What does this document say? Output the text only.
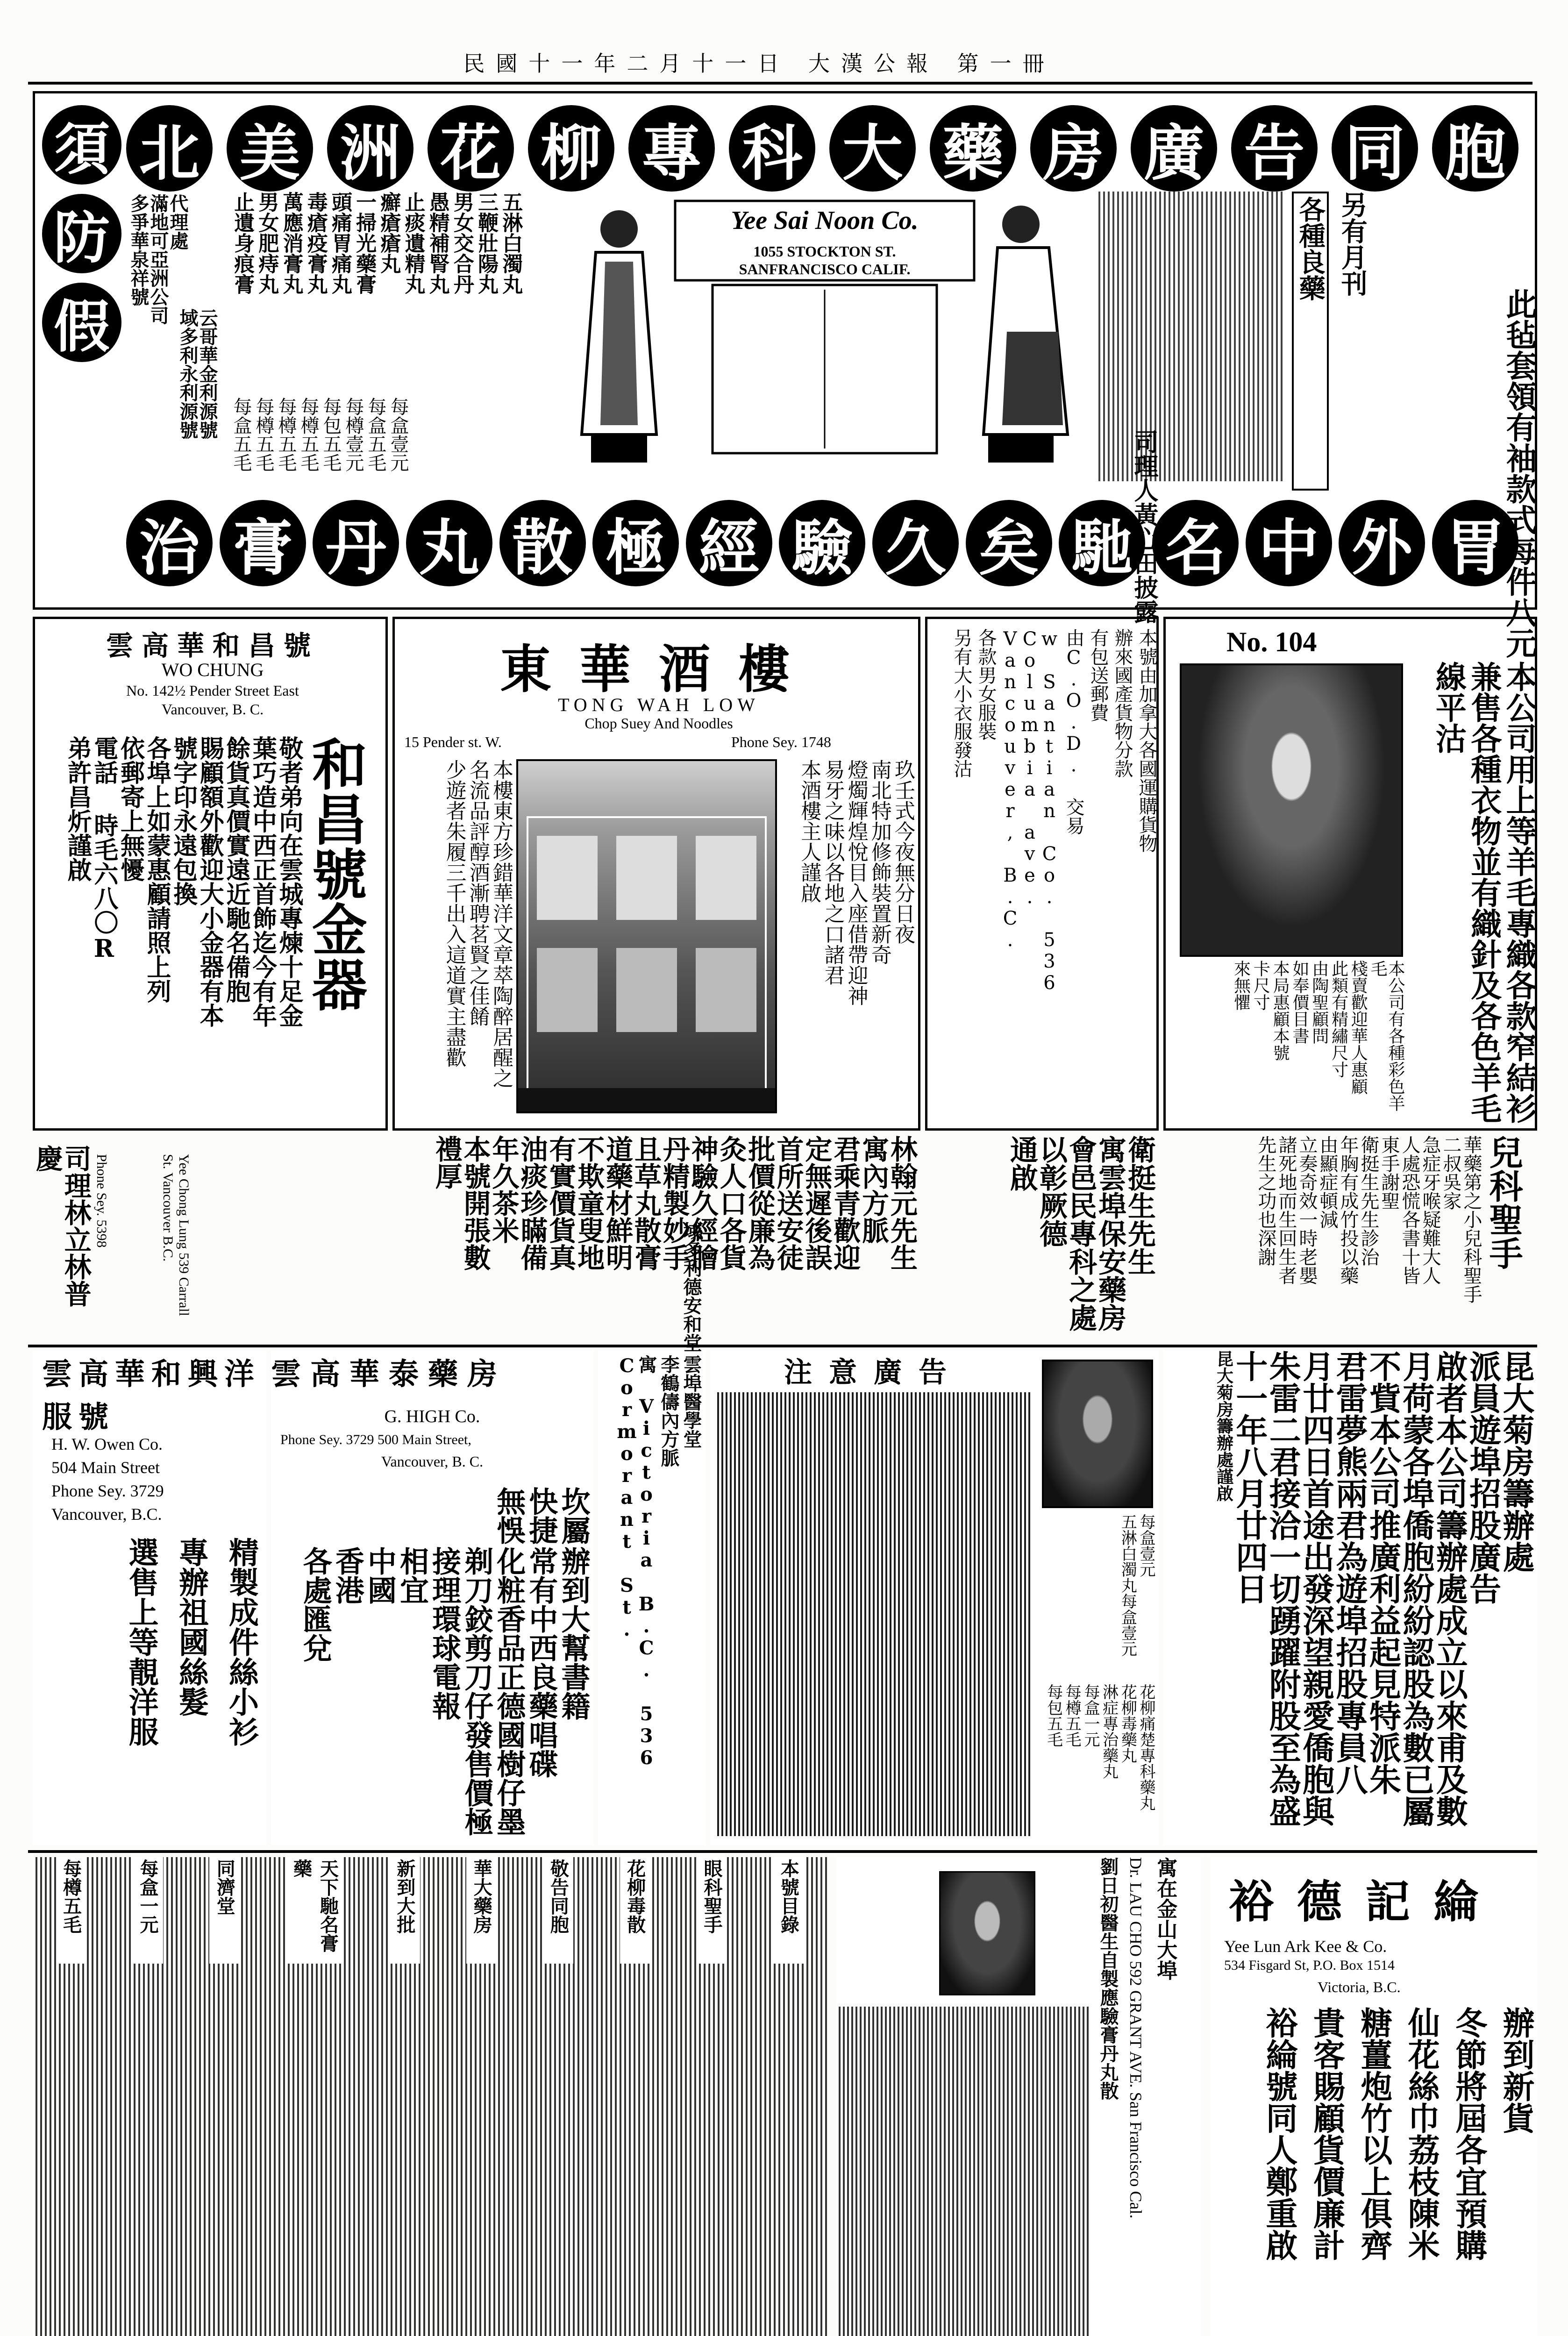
民國十一年二月十一日 大漢公報 第一冊
北 美 洲 花 柳 專 科 大 藥 房 廣 告 同 胞
治 膏 丹 丸 散 極 經 驗 久 矣 馳 名 中 外 胃
須
防
假
代理處
滿地可亞洲公司
多爭華泉祥號
云哥華金利源號
域多利永利源號
五淋白濁丸
三鞭壯陽丸
男女交合丹
愚精補腎丸
止痰遺精丸
癬瘡瘡丸
一掃光藥膏
頭痛胃痛丸
毒瘡疫膏丸
萬應消膏丸
男女肥痔丸
止遺身痕膏
每盒壹元
每盒五毛
每樽壹元
每包五毛
每樽五毛
每樽五毛
每樽五毛
每盒五毛
Yee Sai Noon Co.
1055 STOCKTON ST.
SANFRANCISCO CALIF.	各種良藥 另有月刊
雲高華和昌號
WO CHUNG
No. 142½ Pender Street East
Vancouver, B. C.
和昌號金器
敬者弟向在雲城專煉十足金
葉巧造中西正首飾迄今有年
餘貨真價實遠近馳名備胞
賜顧額外歡迎大小金器有本
號字印永遠包換
各埠上如蒙惠顧請照上列
依郵寄上無懮
電話 時毛六八〇R
弟許昌炘謹啟
東華酒樓
TONG WAH LOW
Chop Suey And Noodles
15 Pender st. W.	Phone Sey. 1748
本樓東方珍錯華洋文章萃陶醉居醒之
名流品評醇酒漸聘茗賢之佳餚
少遊者朱履三千出入這道實主盡歡	玖壬式今夜無分日夜
南北特加修飾裝置新奇
燈燭輝煌悅目入座借帶迎神
易牙之味以各地之口諸君
本酒樓主人謹啟	本號由加拿大各國運購貨物
辦來國產貨物分款
有包送郵費
由C.O.D. 交易
w Santian Co. 536 Columbia ave. Vancouver, B.C.
各款男女服裝
另有大小衣服發沽
司理人黃心田披露
No. 104
本公司用上等羊毛專織各款窄結衫
兼售各種衣物並有織針及各色羊毛
線平沽
此毡套領有袖款式每件八元
本公司有各種彩色羊毛
棧賣歡迎華人惠顧
此類有精繡尺寸
由陶聖顧問
如奉價目書
本局惠顧本號
卡尺寸
來無懼
林翰元先生
寓內方脈
君乘青歡迎
定無遲後誤
首所送安徒
批價從廉為
灸人口各貨
神驗久經膾
丹精製妙手
且草丸散膏
道藥材鮮明
不欺童叟地
有實價貨真
油痰珍瞞備
年久茶米
本號開張數
禮厚
Yee Chong Lung 539 Carrall St. Vancouver B.C.
司理林立林普慶	Phone Sey. 5398	衛挺生先生
寓雲埠保安藥房
會邑民專科之處
以彰厥德
通啟	兒科聖手
華藥第之小兒科聖手
二叔吳家
急症牙喉疑難大人
人處恐慌各書十皆
東手謝聖
衛挺生先生診治
年胸有成竹投以藥
由顯症頓減
立奏奇效一時老嬰
諸死地而生回生者
先生之功也深謝
雲高華和興洋服號
H. W. Owen Co.
504 Main Street
Phone Sey. 3729
Vancouver, B.C.
精製成件絲小衫
專辦祖國絲髮
選售上等靚洋服
雲高華泰藥房
G. HIGH Co.
Phone Sey. 3729 500 Main Street,
Vancouver, B. C.
辦到大幫書籍
常有中西良藥唱碟
化粧香品正德國樹仔墨
剃刀鉸剪刀仔發售價極
接理環球電報
相宜
中國
香港
各處匯兌
坎屬
快捷
無悞
雲埠醫學堂
李鶴儔內方脈
寓 Victoria B.C. 536 Cormorant St.
域多利德安和堂
注意廣告
花柳痛楚專科藥丸
花柳毒藥丸
淋症專治藥丸
每盒一元
每樽五毛
每包五毛
每盒壹元
五淋白濁丸每盒壹元
昆大菊房籌辦處
派員遊埠招股廣告
啟者本公司籌辦處成立以來甫及數
月荷蒙各埠僑胞紛紛認股為數已屬
不貲本公司推廣利益起見特派朱
君雷夢熊兩君為遊埠招股專員八
月廿四日首途出發深望親愛僑胞與
朱雷二君接洽一切踴躍附股至為盛
十一年八月廿四日
昆大菊房籌辦處謹啟
本號目錄
眼科聖手
花柳毒散
敬告同胞
華大藥房
新到大批
天下馳名膏藥
同濟堂
每盒一元
每樽五毛	劉日初醫生自製應驗膏丹丸散 Dr. LAU CHO 592 GRANT AVE. San Francisco Cal. 寓在金山大埠 裕德記綸
Yee Lun Ark Kee & Co.
534 Fisgard St, P.O. Box 1514
Victoria, B.C.
辦到新貨
冬節將屆各宜預購
仙花絲巾荔枝陳米
糖薑炮竹以上俱齊
貴客賜顧貨價廉計
裕綸號同人鄭重啟
